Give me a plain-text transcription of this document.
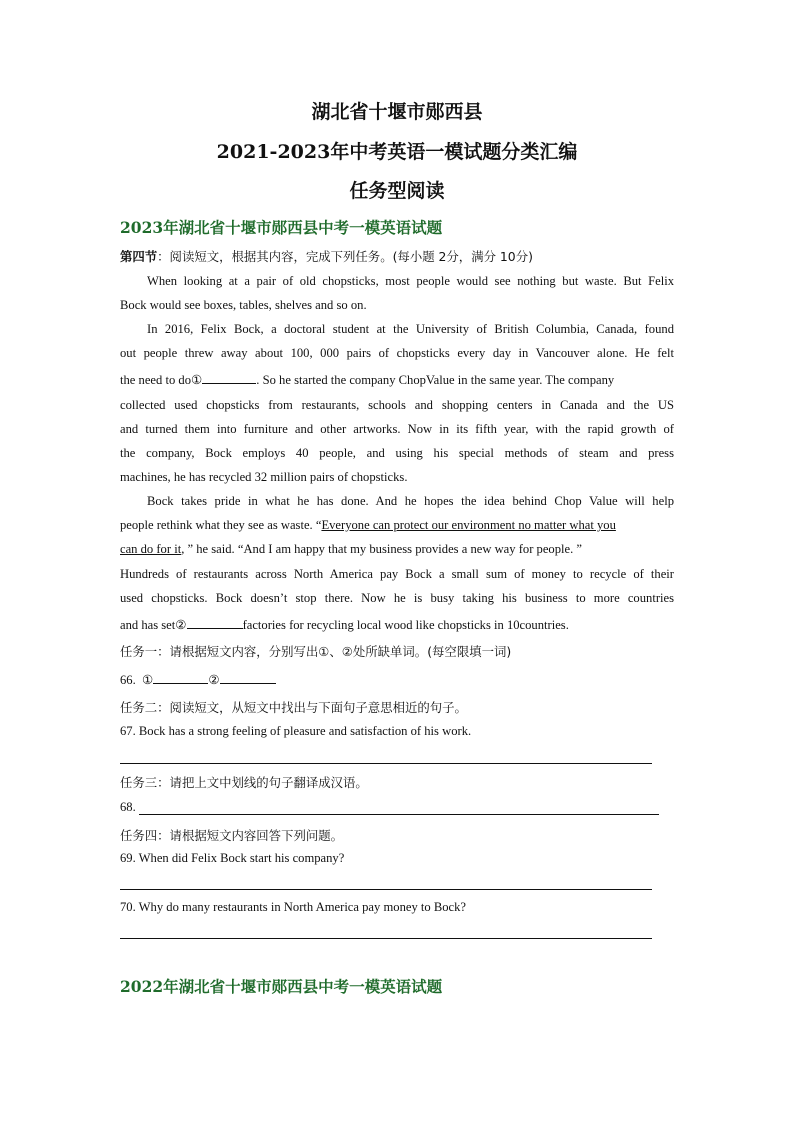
湖北省十堰市郧西县
2021-2023年中考英语一模试题分类汇编
任务型阅读
2023年湖北省十堰市郧西县中考一模英语试题
第四节：阅读短文，根据其内容，完成下列任务。(每小题 2分，满分 10分)
When looking at a pair of old chopsticks, most people would see nothing but waste. But Felix
Bock would see boxes, tables, shelves and so on.
In 2016, Felix Bock, a doctoral student at the University of British Columbia, Canada, found
out people threw away about 100, 000 pairs of chopsticks every day in Vancouver alone. He felt
the need to do①	. So he started the company ChopValue in the same year. The company
collected used chopsticks from restaurants, schools and shopping centers in Canada and the US
and turned them into furniture and other artworks. Now in its fifth year, with the rapid growth of
the company, Bock employs 40 people, and using his special methods of steam and press
machines, he has recycled 32 million pairs of chopsticks.
Bock takes pride in what he has done. And he hopes the idea behind Chop Value will help
people rethink what they see as waste. “Everyone can protect our environment no matter what you
can do for it, ” he said. “And I am happy that my business provides a new way for people. ”
Hundreds of restaurants across North America pay Bock a small sum of money to recycle of their
used chopsticks. Bock doesn’t stop there. Now he is busy taking his business to more countries
and has set②	factories for recycling local wood like chopsticks in 10countries.
任务一：请根据短文内容，分别写出①、②处所缺单词。(每空限填一词)
66. ①	②
任务二：阅读短文，从短文中找出与下面句子意思相近的句子。
67. Bock has a strong feeling of pleasure and satisfaction of his work.
任务三：请把上文中划线的句子翻译成汉语。
68.
任务四：请根据短文内容回答下列问题。
69. When did Felix Bock start his company?
70. Why do many restaurants in North America pay money to Bock?
2022年湖北省十堰市郧西县中考一模英语试题
